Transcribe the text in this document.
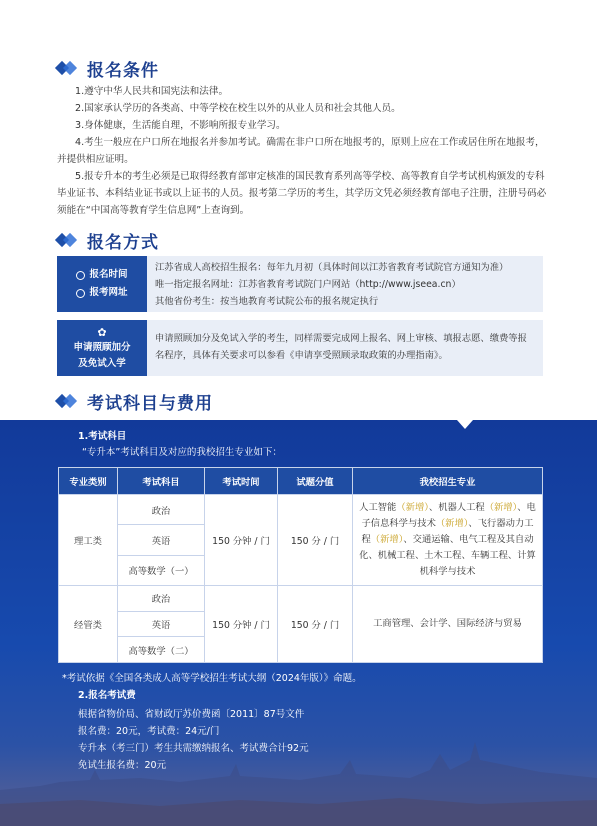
报名条件

1.遵守中华人民共和国宪法和法律。

2.国家承认学历的各类高、中等学校在校生以外的从业人员和社会其他人员。

3.身体健康，生活能自理，不影响所报专业学习。

4.考生一般应在户口所在地报名并参加考试。确需在非户口所在地报考的，原则上应在工作或居住所在地报考，并提供相应证明。

5.报专升本的考生必须是已取得经教育部审定核准的国民教育系列高等学校、高等教育自学考试机构颁发的专科毕业证书、本科结业证书或以上证书的人员。报考第二学历的考生，其学历文凭必须经教育部电子注册，注册号码必须能在“中国高等教育学生信息网”上查询到。

报名方式
报名时间
报考网址
江苏省成人高校招生报名：每年九月初（具体时间以江苏省教育考试院官方通知为准）
唯一指定报名网址：江苏省教育考试院门户网站（http://www.jseea.cn）
其他省份考生：按当地教育考试院公布的报名规定执行
✿
申请照顾加分
及免试入学
申请照顾加分及免试入学的考生，同样需要完成网上报名、网上审核、填报志愿、缴费等报名程序，具体有关要求可以参看《申请享受照顾录取政策的办理指南》。
考试科目与费用
1.考试科目
“专升本”考试科目及对应的我校招生专业如下：
专业类别	考试科目	考试时间	试题分值	我校招生专业
理工类	政治	150 分钟 / 门	150 分 / 门	人工智能（新增）、机器人工程（新增）、电子信息科学与技术（新增）、飞行器动力工程（新增）、交通运输、电气工程及其自动化、机械工程、土木工程、车辆工程、计算机科学与技术
	英语			
	高等数学（一）			
经管类	政治	150 分钟 / 门	150 分 / 门	工商管理、会计学、国际经济与贸易
	英语			
	高等数学（二）			
*考试依据《全国各类成人高等学校招生考试大纲（2024年版）》命题。
2.报名考试费
根据省物价局、省财政厅苏价费函〔2011〕87号文件
报名费：20元，考试费：24元/门
专升本（考三门）考生共需缴纳报名、考试费合计92元
免试生报名费：20元
